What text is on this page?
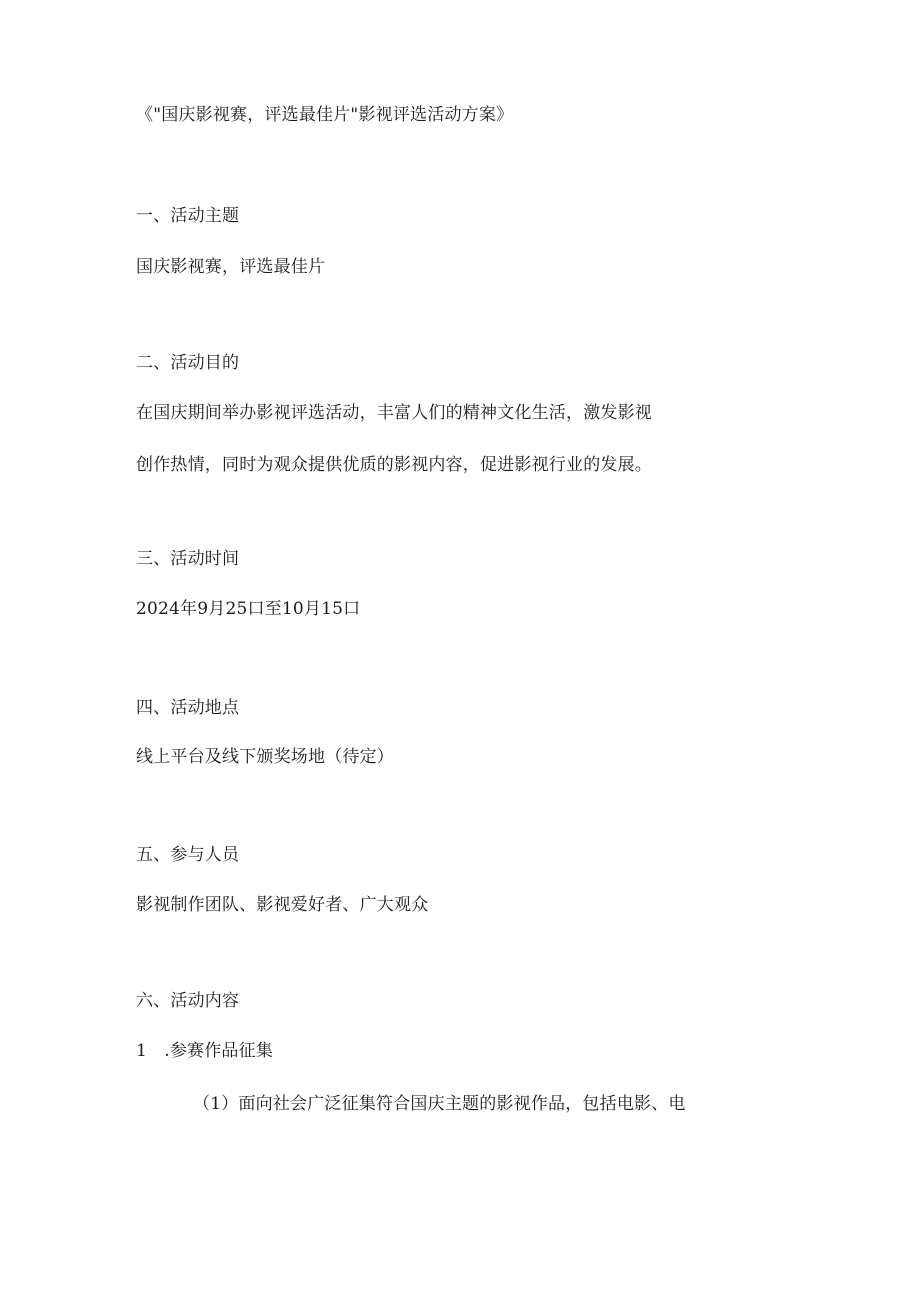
《"国庆影视赛，评选最佳片"影视评选活动方案》
一、活动主题
国庆影视赛，评选最佳片
二、活动目的
在国庆期间举办影视评选活动，丰富人们的精神文化生活，激发影视
创作热情，同时为观众提供优质的影视内容，促进影视行业的发展。
三、活动时间
2024年9月25口至10月15口
四、活动地点
线上平台及线下颁奖场地（待定）
五、参与人员
影视制作团队、影视爱好者、广大观众
六、活动内容
1　.参赛作品征集
（1）面向社会广泛征集符合国庆主题的影视作品，包括电影、电
